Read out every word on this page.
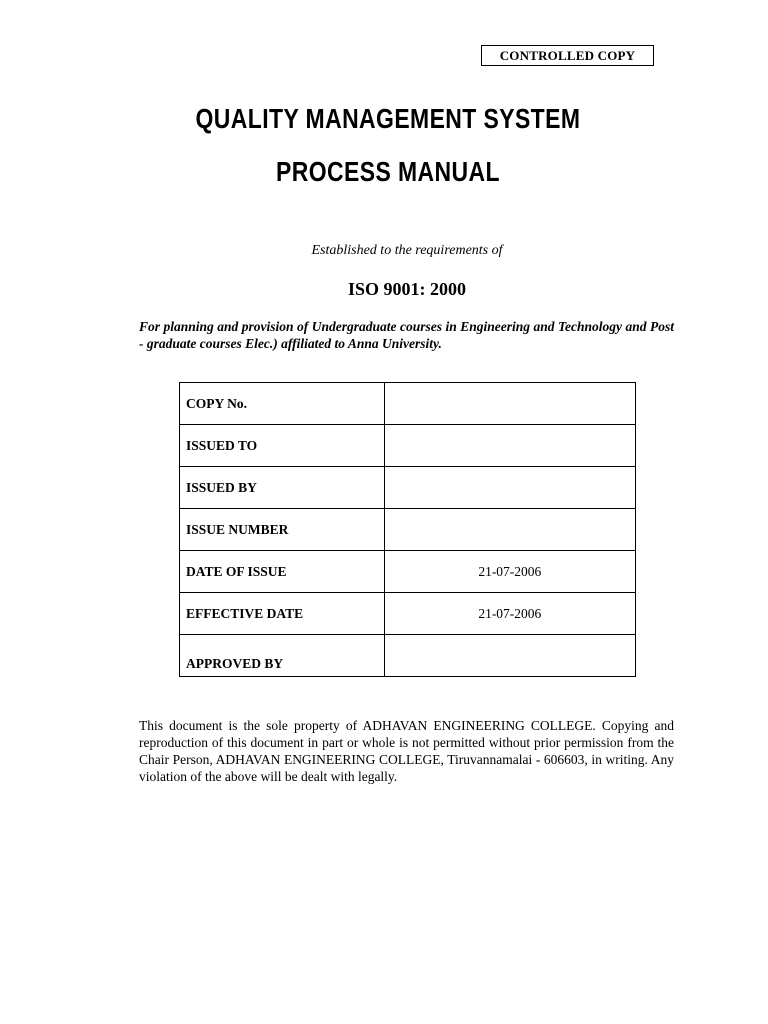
CONTROLLED COPY
QUALITY MANAGEMENT SYSTEM
PROCESS MANUAL
Established to the requirements of
ISO 9001: 2000
For planning and provision of Undergraduate courses in Engineering and Technology and Post - graduate courses Elec.) affiliated to Anna University.
COPY No.	
ISSUED TO	
ISSUED BY	
ISSUE NUMBER	
DATE OF ISSUE	21-07-2006
EFFECTIVE DATE	21-07-2006
APPROVED BY	
This document is the sole property of ADHAVAN ENGINEERING COLLEGE. Copying and reproduction of this document in part or whole is not permitted without prior permission from the Chair Person, ADHAVAN ENGINEERING COLLEGE, Tiruvannamalai - 606603, in writing. Any violation of the above will be dealt with legally.
